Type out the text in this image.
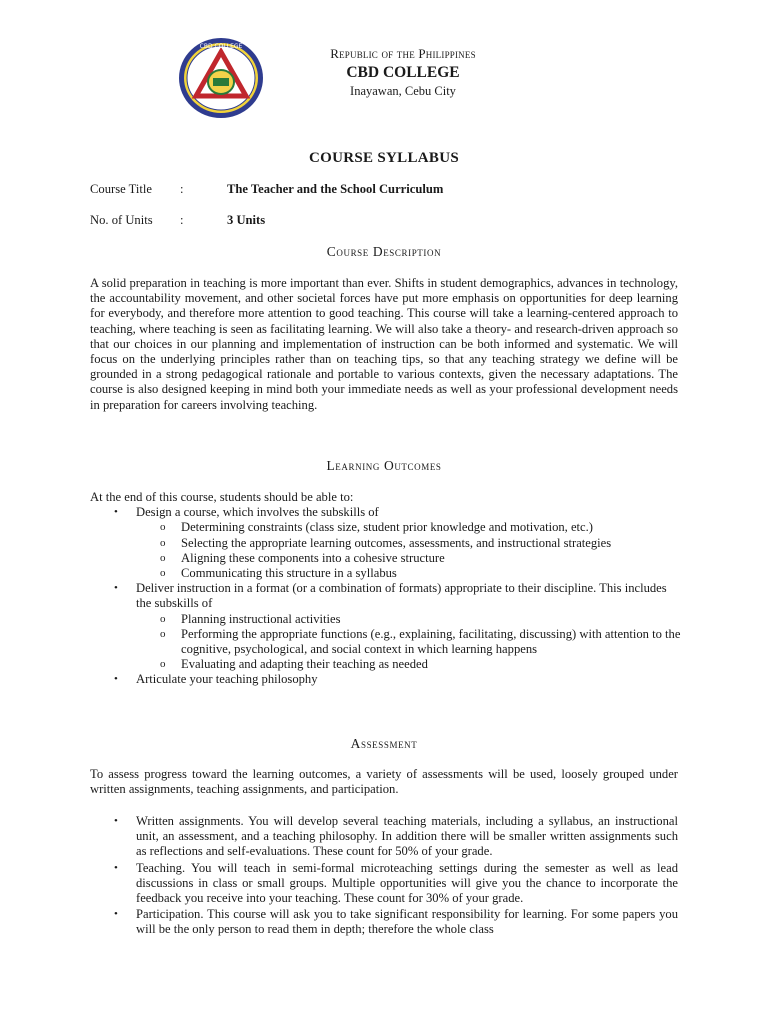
CBD COLLEGE	Republic of the Philippines
CBD COLLEGE
Inayawan, Cebu City
COURSE SYLLABUS
Course Title	:	The Teacher and the School Curriculum
No. of Units	:	3 Units
Course Description
A solid preparation in teaching is more important than ever. Shifts in student demographics, advances in technology, the accountability movement, and other societal forces have put more emphasis on opportunities for deep learning for everybody, and therefore more attention to good teaching. This course will take a learning-centered approach to teaching, where teaching is seen as facilitating learning. We will also take a theory- and research-driven approach so that our choices in our planning and implementation of instruction can be both informed and systematic. We will focus on the underlying principles rather than on teaching tips, so that any teaching strategy we define will be grounded in a strong pedagogical rationale and portable to various contexts, given the necessary adaptations. The course is also designed keeping in mind both your immediate needs as well as your professional development needs in preparation for careers involving teaching.
Learning Outcomes
At the end of this course, students should be able to:
• Design a course, which involves the subskills of
o Determining constraints (class size, student prior knowledge and motivation, etc.)
o Selecting the appropriate learning outcomes, assessments, and instructional strategies
o Aligning these components into a cohesive structure
o Communicating this structure in a syllabus
• Deliver instruction in a format (or a combination of formats) appropriate to their discipline. This includes the subskills of
o Planning instructional activities
o Performing the appropriate functions (e.g., explaining, facilitating, discussing) with attention to the cognitive, psychological, and social context in which learning happens
o Evaluating and adapting their teaching as needed
• Articulate your teaching philosophy
Assessment
To assess progress toward the learning outcomes, a variety of assessments will be used, loosely grouped under written assignments, teaching assignments, and participation.
• Written assignments. You will develop several teaching materials, including a syllabus, an instructional unit, an assessment, and a teaching philosophy. In addition there will be smaller written assignments such as reflections and self-evaluations. These count for 50% of your grade.
• Teaching. You will teach in semi-formal microteaching settings during the semester as well as lead discussions in class or small groups. Multiple opportunities will give you the chance to incorporate the feedback you receive into your teaching. These count for 30% of your grade.
• Participation. This course will ask you to take significant responsibility for learning. For some papers you will be the only person to read them in depth; therefore the whole class
